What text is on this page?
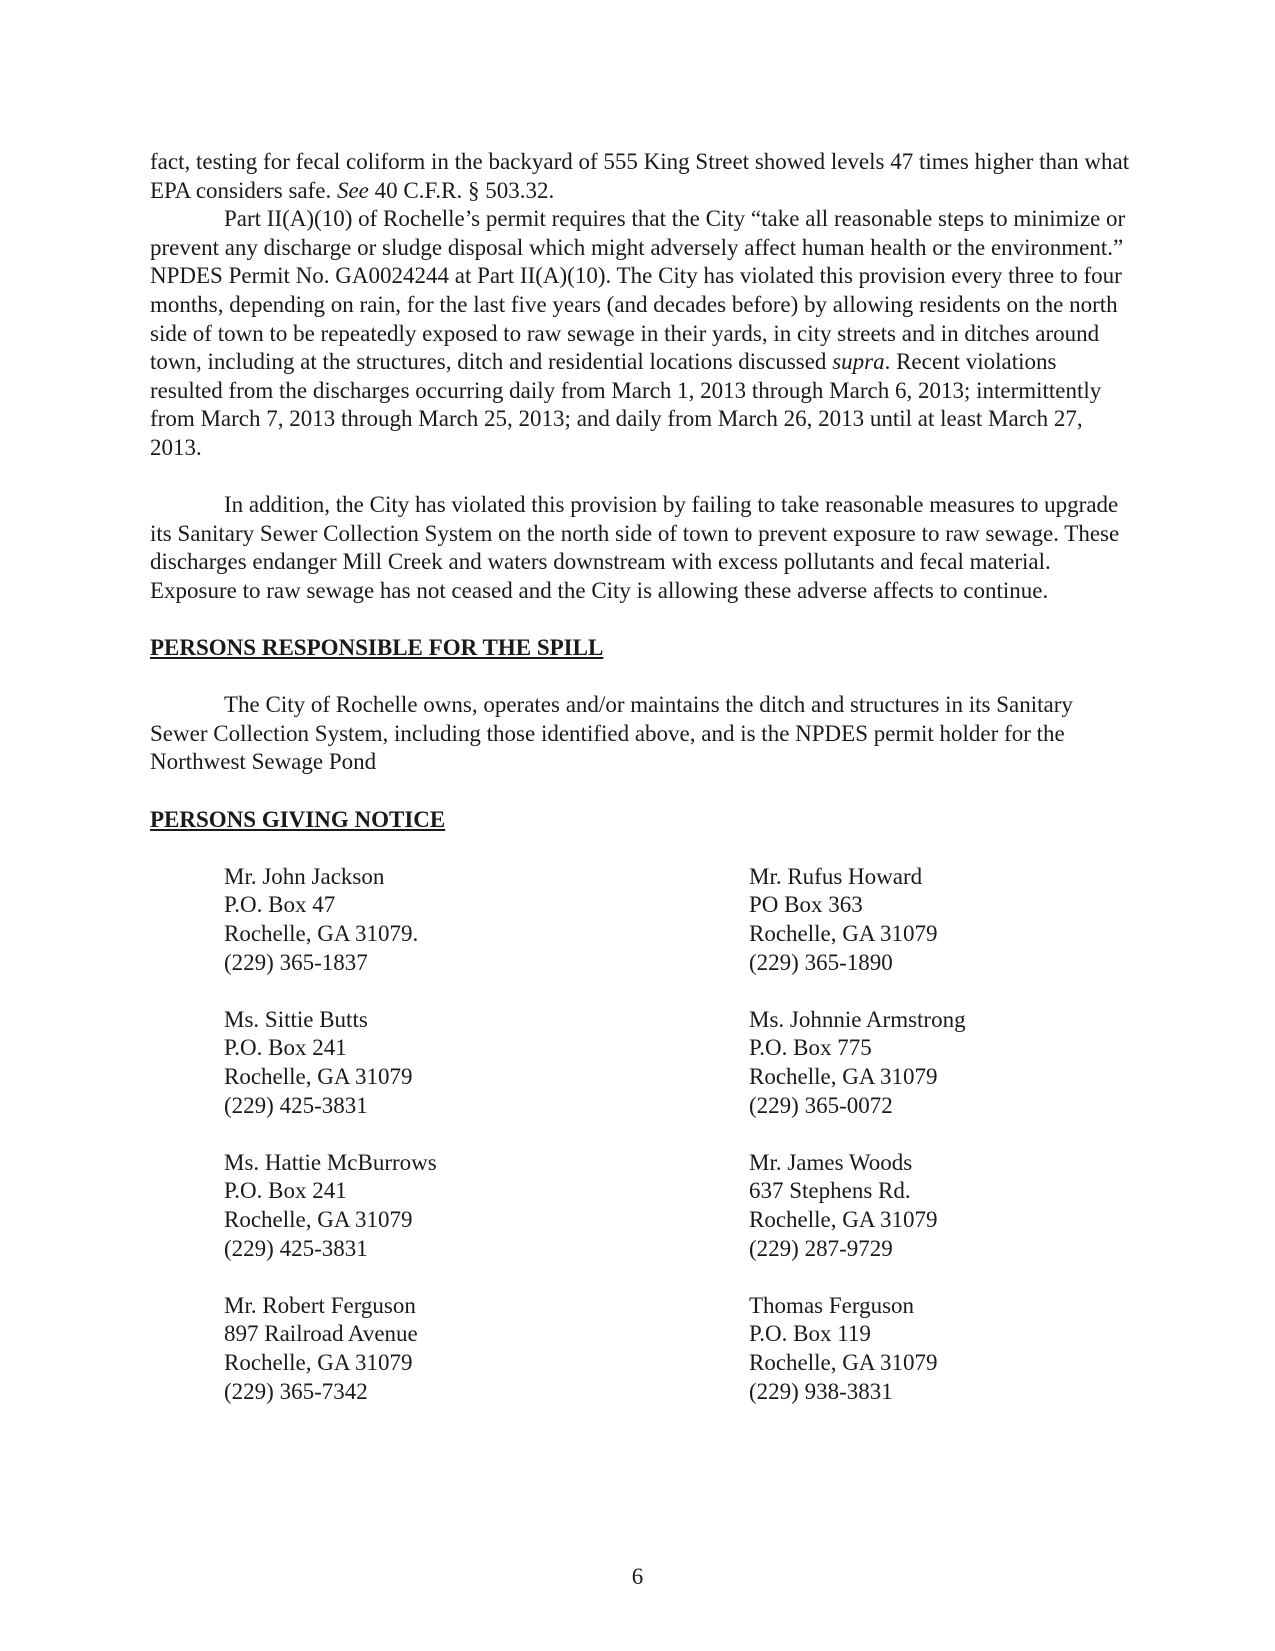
fact, testing for fecal coliform in the backyard of 555 King Street showed levels 47 times higher than what EPA considers safe. See 40 C.F.R. § 503.32.

Part II(A)(10) of Rochelle’s permit requires that the City “take all reasonable steps to minimize or prevent any discharge or sludge disposal which might adversely affect human health or the environment.” NPDES Permit No. GA0024244 at Part II(A)(10). The City has violated this provision every three to four months, depending on rain, for the last five years (and decades before) by allowing residents on the north side of town to be repeatedly exposed to raw sewage in their yards, in city streets and in ditches around town, including at the structures, ditch and residential locations discussed supra. Recent violations resulted from the discharges occurring daily from March 1, 2013 through March 6, 2013; intermittently from March 7, 2013 through March 25, 2013; and daily from March 26, 2013 until at least March 27, 2013.

In addition, the City has violated this provision by failing to take reasonable measures to upgrade its Sanitary Sewer Collection System on the north side of town to prevent exposure to raw sewage. These discharges endanger Mill Creek and waters downstream with excess pollutants and fecal material. Exposure to raw sewage has not ceased and the City is allowing these adverse affects to continue.

PERSONS RESPONSIBLE FOR THE SPILL

The City of Rochelle owns, operates and/or maintains the ditch and structures in its Sanitary Sewer Collection System, including those identified above, and is the NPDES permit holder for the Northwest Sewage Pond

PERSONS GIVING NOTICE

Mr. John Jackson
P.O. Box 47
Rochelle, GA 31079.
(229) 365-1837
Mr. Rufus Howard
PO Box 363
Rochelle, GA 31079
(229) 365-1890
Ms. Sittie Butts
P.O. Box 241
Rochelle, GA 31079
(229) 425-3831
Ms. Johnnie Armstrong
P.O. Box 775
Rochelle, GA 31079
(229) 365-0072
Ms. Hattie McBurrows
P.O. Box 241
Rochelle, GA 31079
(229) 425-3831
Mr. James Woods
637 Stephens Rd.
Rochelle, GA 31079
(229) 287-9729
Mr. Robert Ferguson
897 Railroad Avenue
Rochelle, GA 31079
(229) 365-7342
Thomas Ferguson
P.O. Box 119
Rochelle, GA 31079
(229) 938-3831
6
